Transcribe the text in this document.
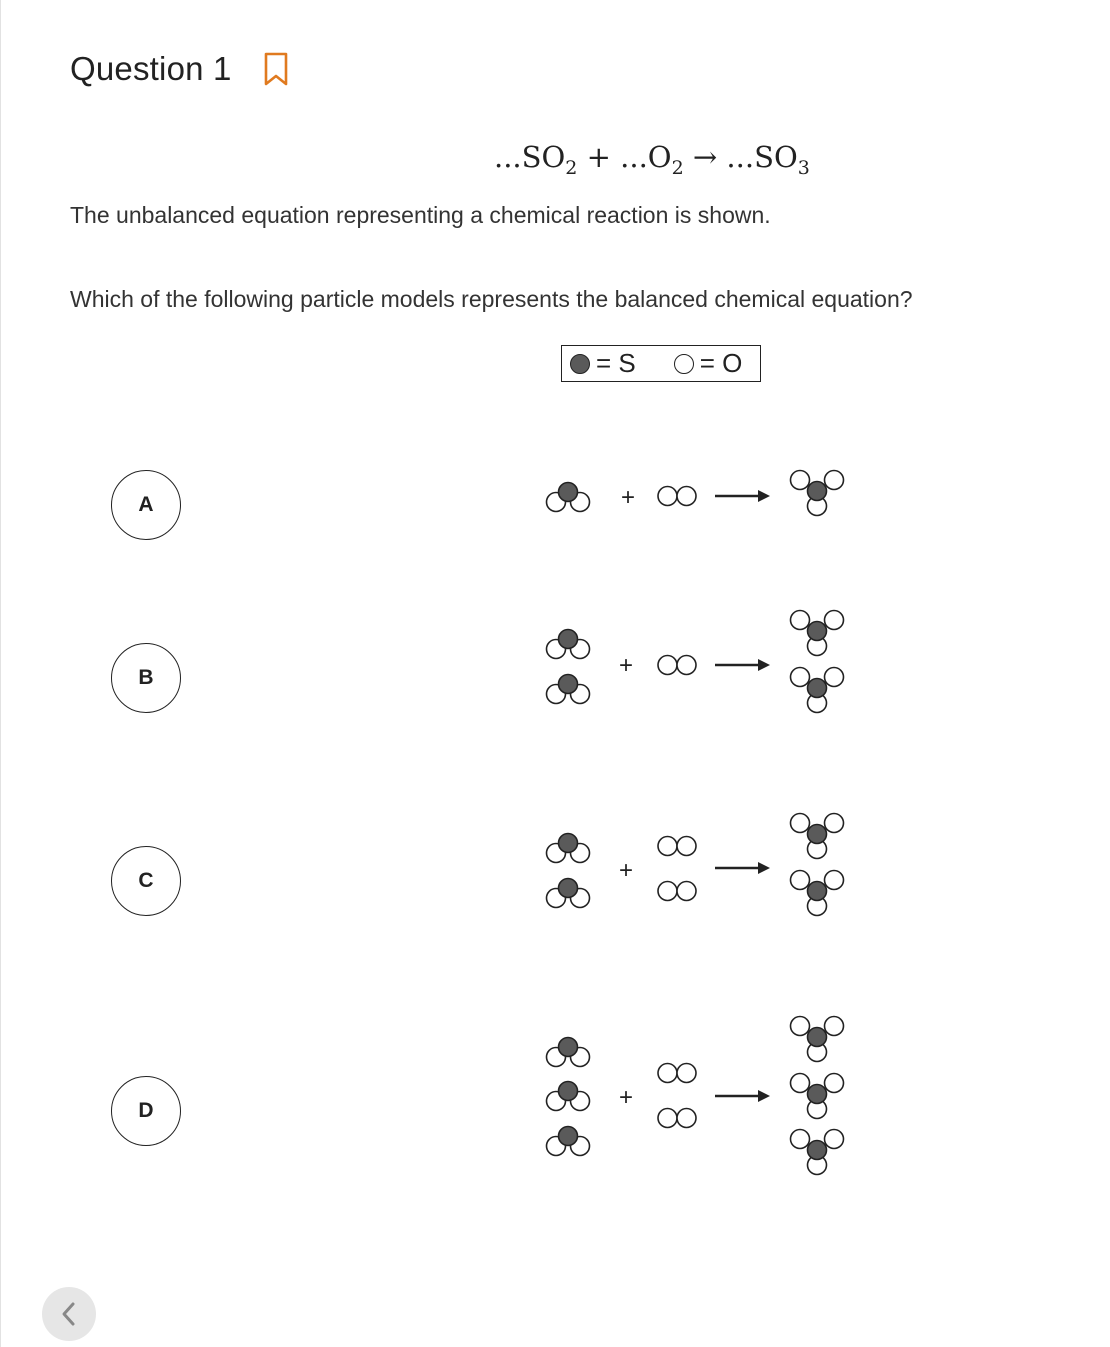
Question 1
$...SO_2 + ...O_2 \to ...SO_3$
The unbalanced equation representing a chemical reaction is shown.
Which of the following particle models represents the balanced chemical equation?
= S = O
A	+
B	+
C	+
D	+
